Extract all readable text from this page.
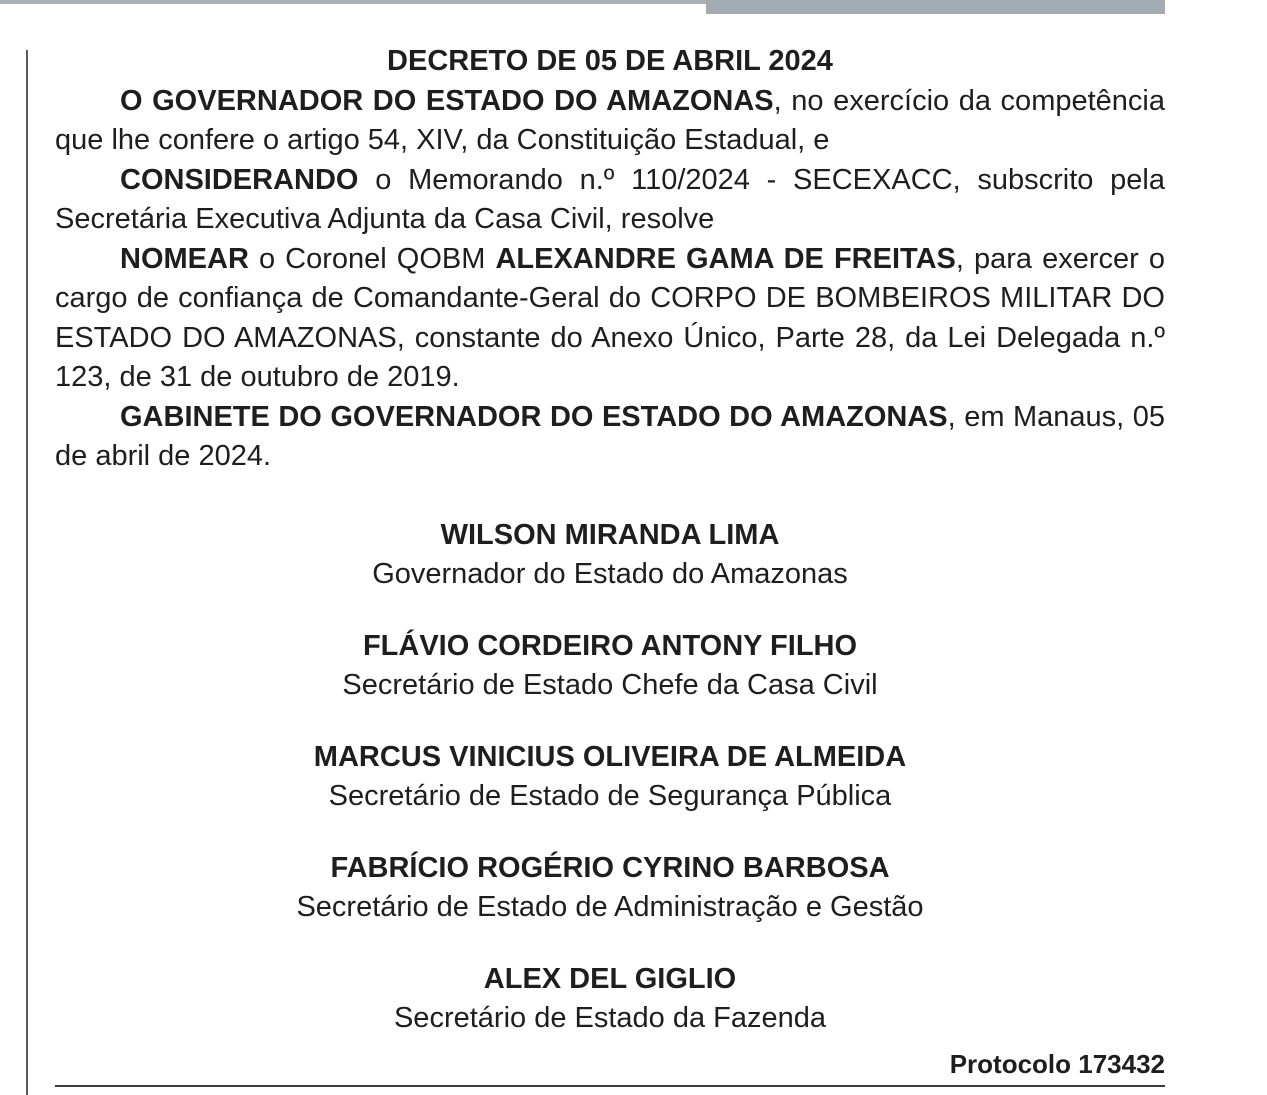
DECRETO DE 05 DE ABRIL 2024

O GOVERNADOR DO ESTADO DO AMAZONAS, no exercício da competência que lhe confere o artigo 54, XIV, da Constituição Estadual, e

CONSIDERANDO o Memorando n.º 110/2024 - SECEXACC, subscrito pela Secretária Executiva Adjunta da Casa Civil, resolve

NOMEAR o Coronel QOBM ALEXANDRE GAMA DE FREITAS, para exercer o cargo de confiança de Comandante-Geral do CORPO DE BOMBEIROS MILITAR DO ESTADO DO AMAZONAS, constante do Anexo Único, Parte 28, da Lei Delegada n.º 123, de 31 de outubro de 2019.

GABINETE DO GOVERNADOR DO ESTADO DO AMAZONAS, em Manaus, 05 de abril de 2024.

WILSON MIRANDA LIMA
Governador do Estado do Amazonas
FLÁVIO CORDEIRO ANTONY FILHO
Secretário de Estado Chefe da Casa Civil
MARCUS VINICIUS OLIVEIRA DE ALMEIDA
Secretário de Estado de Segurança Pública
FABRÍCIO ROGÉRIO CYRINO BARBOSA
Secretário de Estado de Administração e Gestão
ALEX DEL GIGLIO
Secretário de Estado da Fazenda
Protocolo 173432
